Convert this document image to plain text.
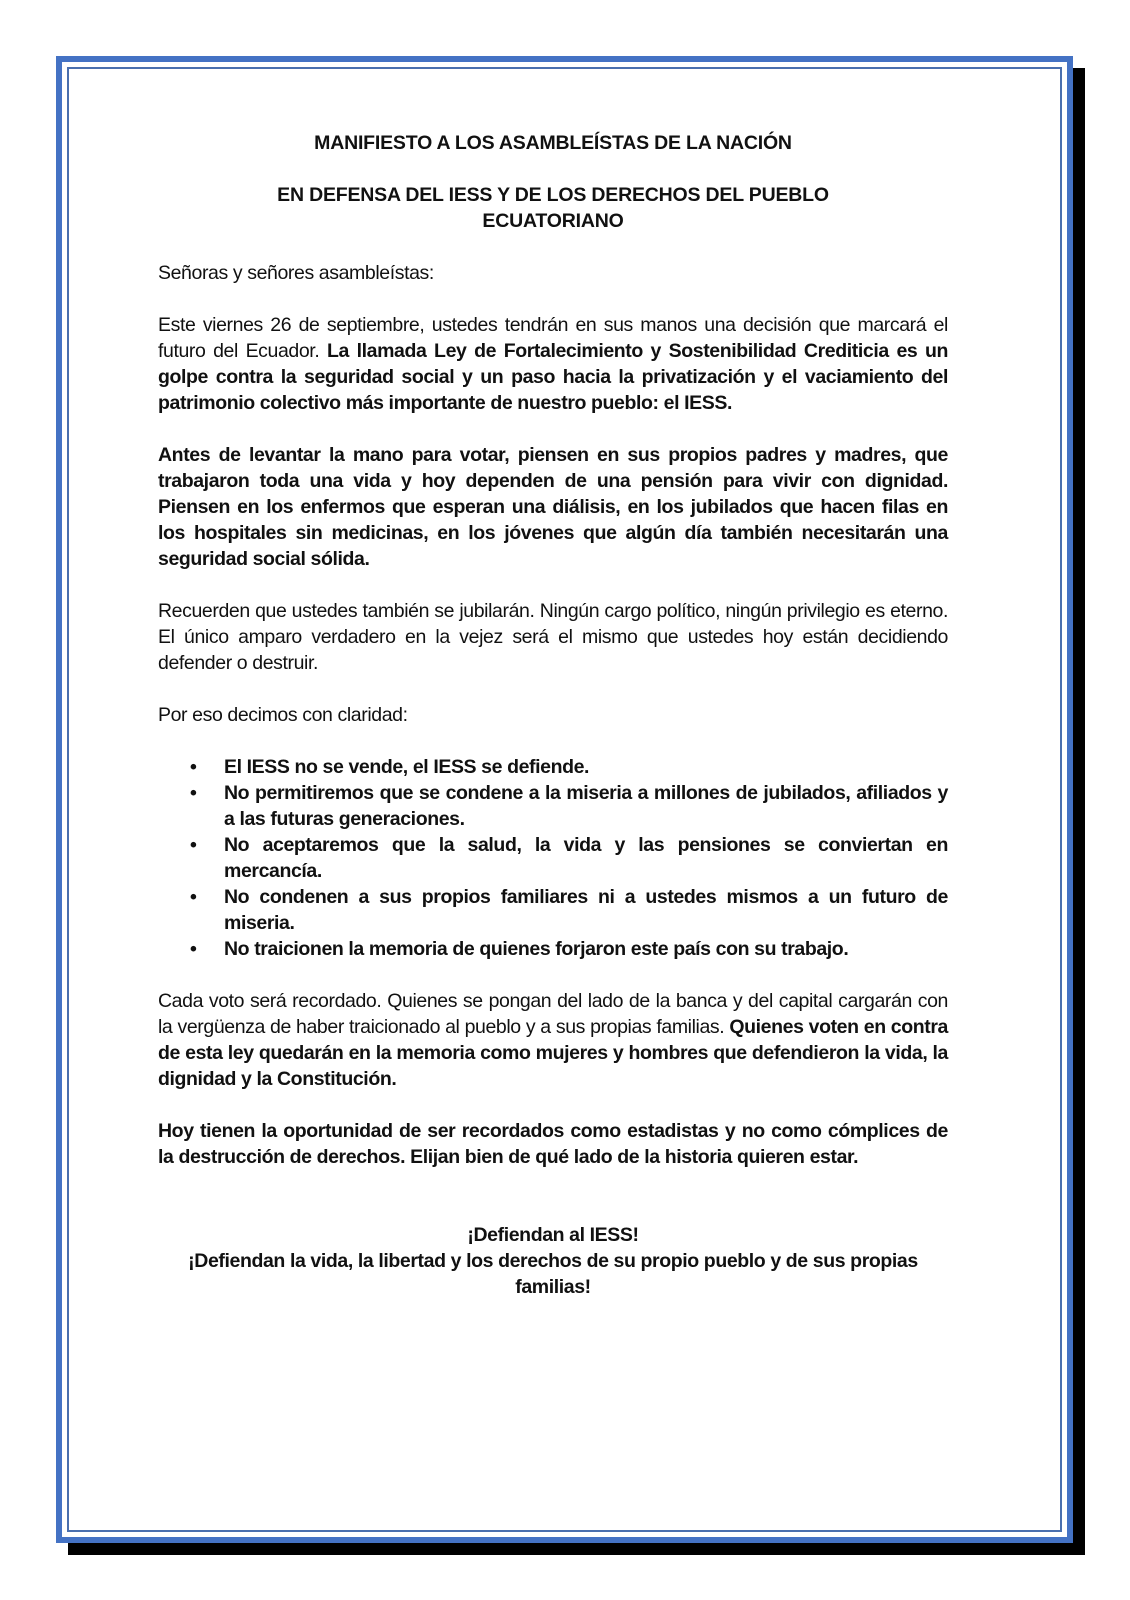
MANIFIESTO A LOS ASAMBLEÍSTAS DE LA NACIÓN
EN DEFENSA DEL IESS Y DE LOS DERECHOS DEL PUEBLO ECUATORIANO

Señoras y señores asambleístas:

Este viernes 26 de septiembre, ustedes tendrán en sus manos una decisión que marcará el futuro del Ecuador. La llamada Ley de Fortalecimiento y Sostenibilidad Crediticia es un golpe contra la seguridad social y un paso hacia la privatización y el vaciamiento del patrimonio colectivo más importante de nuestro pueblo: el IESS.

Antes de levantar la mano para votar, piensen en sus propios padres y madres, que trabajaron toda una vida y hoy dependen de una pensión para vivir con dignidad. Piensen en los enfermos que esperan una diálisis, en los jubilados que hacen filas en los hospitales sin medicinas, en los jóvenes que algún día también necesitarán una seguridad social sólida.

Recuerden que ustedes también se jubilarán. Ningún cargo político, ningún privilegio es eterno. El único amparo verdadero en la vejez será el mismo que ustedes hoy están decidiendo defender o destruir.

Por eso decimos con claridad:

• El IESS no se vende, el IESS se defiende.
• No permitiremos que se condene a la miseria a millones de jubilados, afiliados y a las futuras generaciones.
• No aceptaremos que la salud, la vida y las pensiones se conviertan en mercancía.
• No condenen a sus propios familiares ni a ustedes mismos a un futuro de miseria.
• No traicionen la memoria de quienes forjaron este país con su trabajo.

Cada voto será recordado. Quienes se pongan del lado de la banca y del capital cargarán con la vergüenza de haber traicionado al pueblo y a sus propias familias. Quienes voten en contra de esta ley quedarán en la memoria como mujeres y hombres que defendieron la vida, la dignidad y la Constitución.

Hoy tienen la oportunidad de ser recordados como estadistas y no como cómplices de la destrucción de derechos. Elijan bien de qué lado de la historia quieren estar.

¡Defiendan al IESS!
¡Defiendan la vida, la libertad y los derechos de su propio pueblo y de sus propias familias!
